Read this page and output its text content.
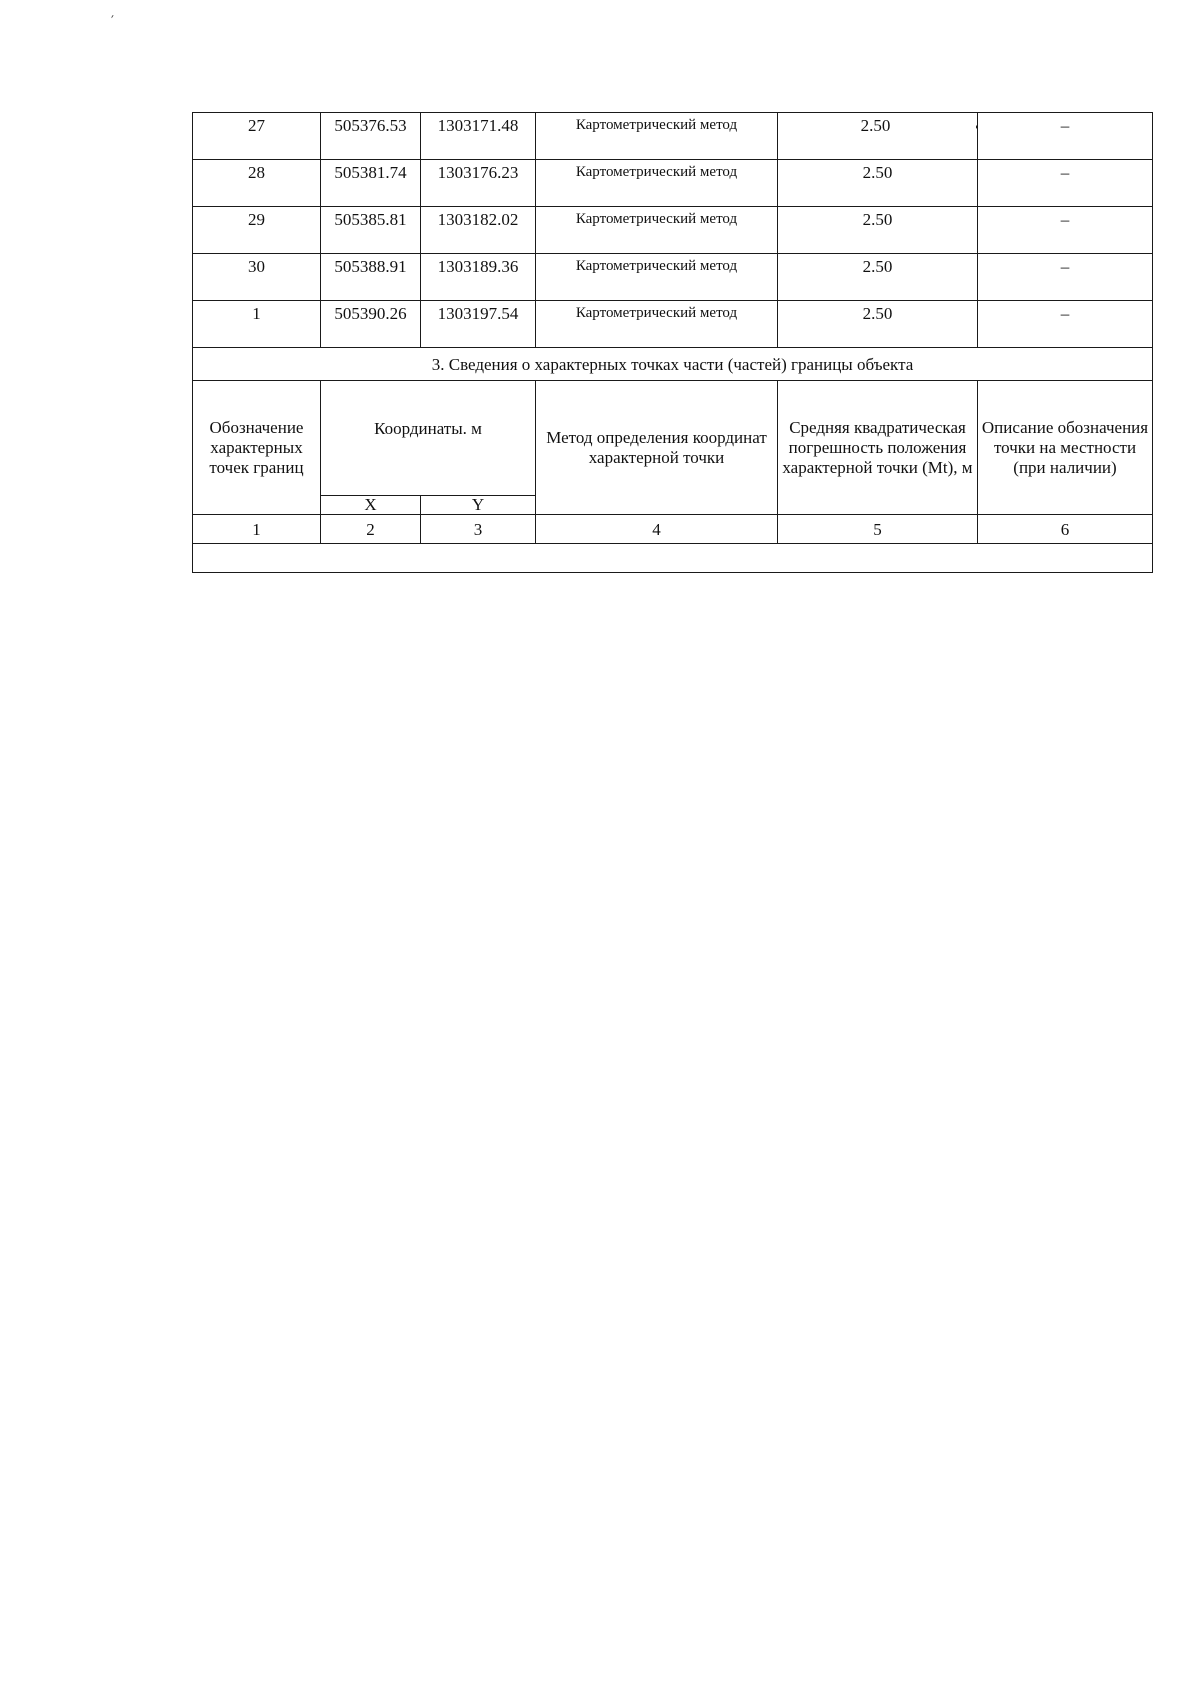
´
27	505376.53	1303171.48	Картометрический метод	2.50	–
28	505381.74	1303176.23	Картометрический метод	2.50	–
29	505385.81	1303182.02	Картометрический метод	2.50	–
30	505388.91	1303189.36	Картометрический метод	2.50	–
1	505390.26	1303197.54	Картометрический метод	2.50	–
3. Сведения о характерных точках части (частей) границы объекта					
Обозначение характерных точек границ	Координаты. м		Метод определения координат характерной точки	Средняя квадратическая погрешность положения характерной точки (Mt), м	Описание обозначения точки на местности (при наличии)
	X	Y			
1	2	3	4	5	6
